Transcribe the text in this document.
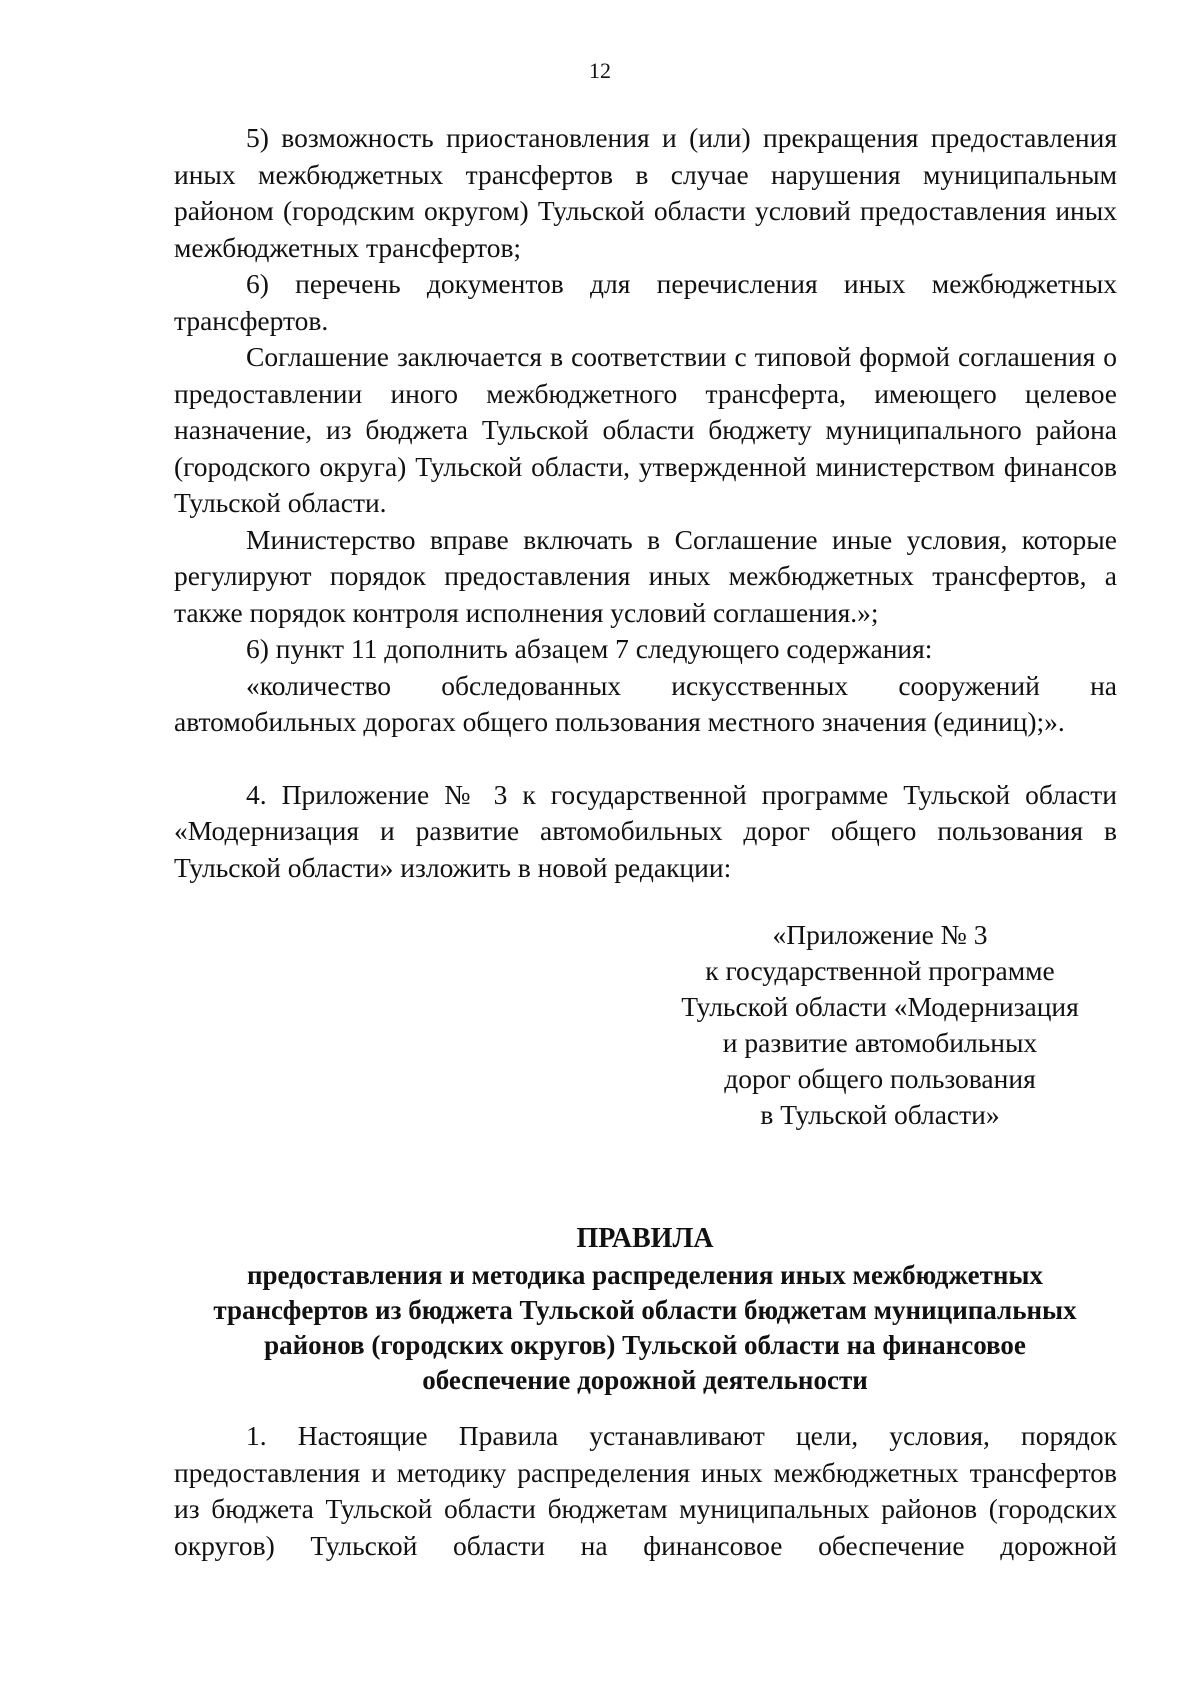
12

5) возможность приостановления и (или) прекращения предоставления иных межбюджетных трансфертов в случае нарушения муниципальным районом (городским округом) Тульской области условий предоставления иных межбюджетных трансфертов;

6) перечень документов для перечисления иных межбюджетных трансфертов.

Соглашение заключается в соответствии с типовой формой соглашения о предоставлении иного межбюджетного трансферта, имеющего целевое назначение, из бюджета Тульской области бюджету муниципального района (городского округа) Тульской области, утвержденной министерством финансов Тульской области.

Министерство вправе включать в Соглашение иные условия, которые регулируют порядок предоставления иных межбюджетных трансфертов, а также порядок контроля исполнения условий соглашения.»;

6) пункт 11 дополнить абзацем 7 следующего содержания:

«количество обследованных искусственных сооружений на автомобильных дорогах общего пользования местного значения (единиц);».

4. Приложение № 3 к государственной программе Тульской области «Модернизация и развитие автомобильных дорог общего пользования в Тульской области» изложить в новой редакции:

«Приложение № 3
к государственной программе
Тульской области «Модернизация
и развитие автомобильных
дорог общего пользования
в Тульской области»
ПРАВИЛА
предоставления и методика распределения иных межбюджетных
трансфертов из бюджета Тульской области бюджетам муниципальных
районов (городских округов) Тульской области на финансовое
обеспечение дорожной деятельности

1. Настоящие Правила устанавливают цели, условия, порядок предоставления и методику распределения иных межбюджетных трансфертов из бюджета Тульской области бюджетам муниципальных районов (городских округов) Тульской области на финансовое обеспечение дорожной
